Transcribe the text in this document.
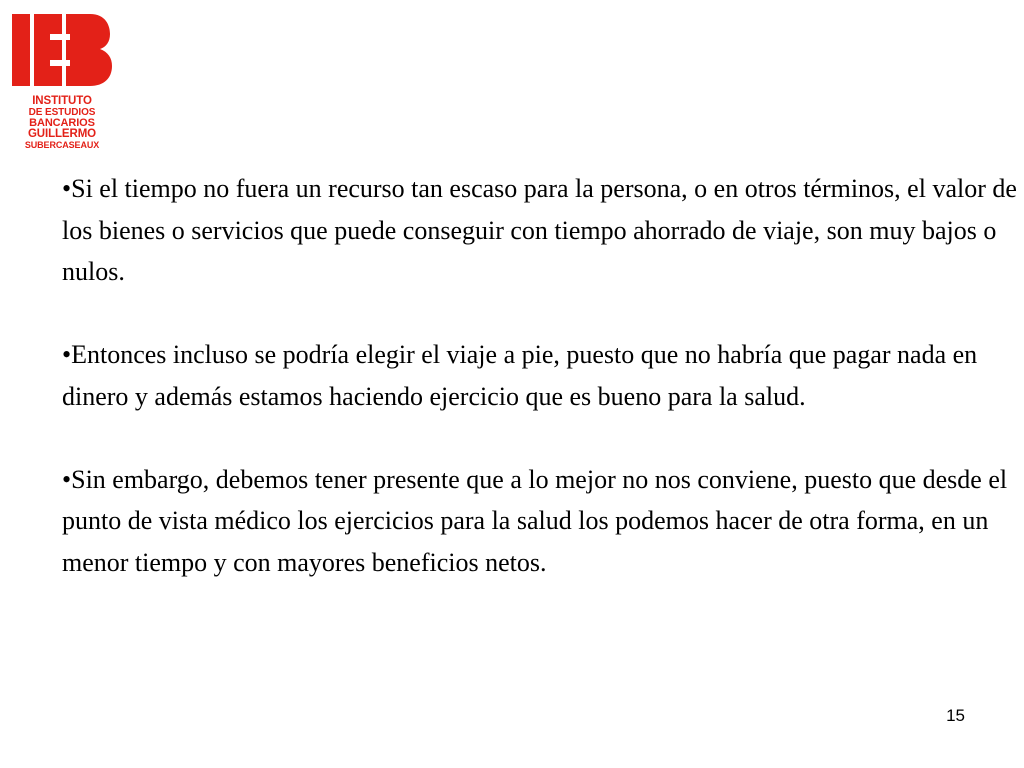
INSTITUTO
DE ESTUDIOS
BANCARIOS
GUILLERMO
SUBERCASEAUX

•Si el tiempo no fuera un recurso tan escaso para la persona, o en otros términos, el valor de los bienes o servicios que puede conseguir con tiempo ahorrado de viaje, son muy bajos o nulos.

•Entonces incluso se podría elegir el viaje a pie, puesto que no habría que pagar nada en dinero y además estamos haciendo ejercicio que es bueno para la salud.

•Sin embargo, debemos tener presente que a lo mejor no nos conviene, puesto que desde el punto de vista médico los ejercicios para la salud los podemos hacer de otra forma, en un menor tiempo y con mayores beneficios netos.

15
